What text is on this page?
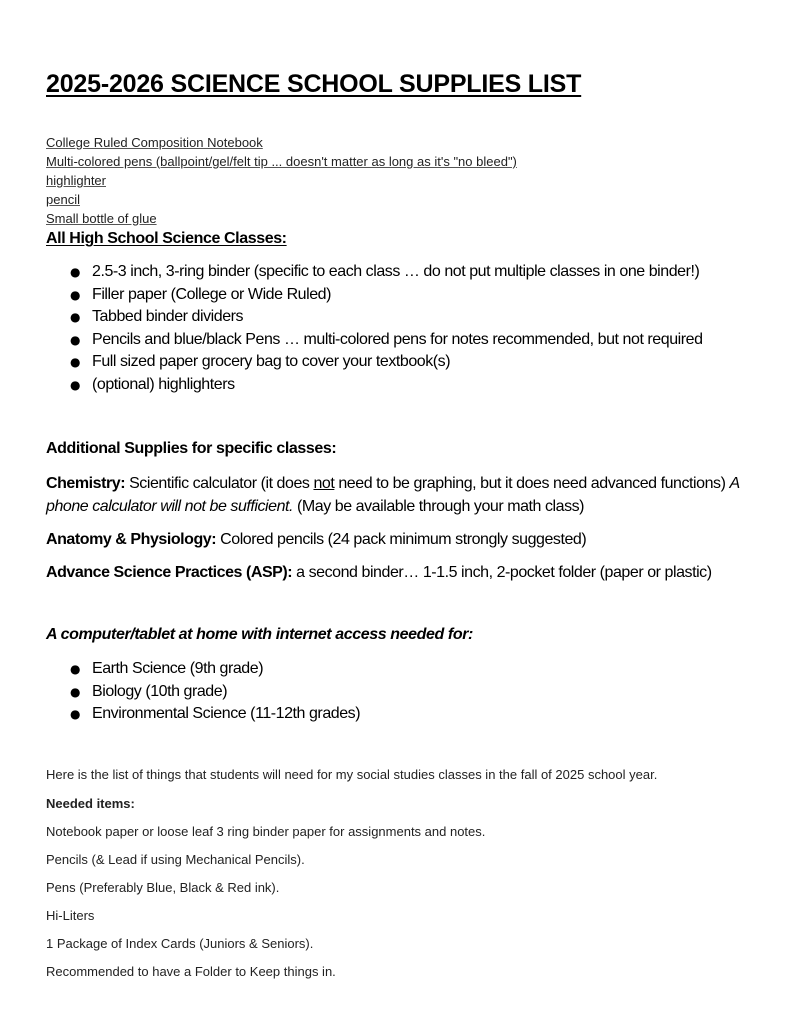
2025-2026 SCIENCE SCHOOL SUPPLIES LIST
College Ruled Composition Notebook
Multi-colored pens (ballpoint/gel/felt tip ... doesn't matter as long as it's "no bleed")
highlighter
pencil
Small bottle of glue
All High School Science Classes:
● 2.5-3 inch, 3-ring binder (specific to each class … do not put multiple classes in one binder!)
● Filler paper (College or Wide Ruled)
● Tabbed binder dividers
● Pencils and blue/black Pens … multi-colored pens for notes recommended, but not required
● Full sized paper grocery bag to cover your textbook(s)
● (optional) highlighters
Additional Supplies for specific classes:
Chemistry: Scientific calculator (it does not need to be graphing, but it does need advanced functions) A phone calculator will not be sufficient. (May be available through your math class)
Anatomy & Physiology: Colored pencils (24 pack minimum strongly suggested)
Advance Science Practices (ASP): a second binder… 1-1.5 inch, 2-pocket folder (paper or plastic)
A computer/tablet at home with internet access needed for:
● Earth Science (9th grade)
● Biology (10th grade)
● Environmental Science (11-12th grades)
Here is the list of things that students will need for my social studies classes in the fall of 2025 school year.
Needed items:
Notebook paper or loose leaf 3 ring binder paper for assignments and notes.
Pencils (& Lead if using Mechanical Pencils).
Pens (Preferably Blue, Black & Red ink).
Hi-Liters
1 Package of Index Cards (Juniors & Seniors).
Recommended to have a Folder to Keep things in.
